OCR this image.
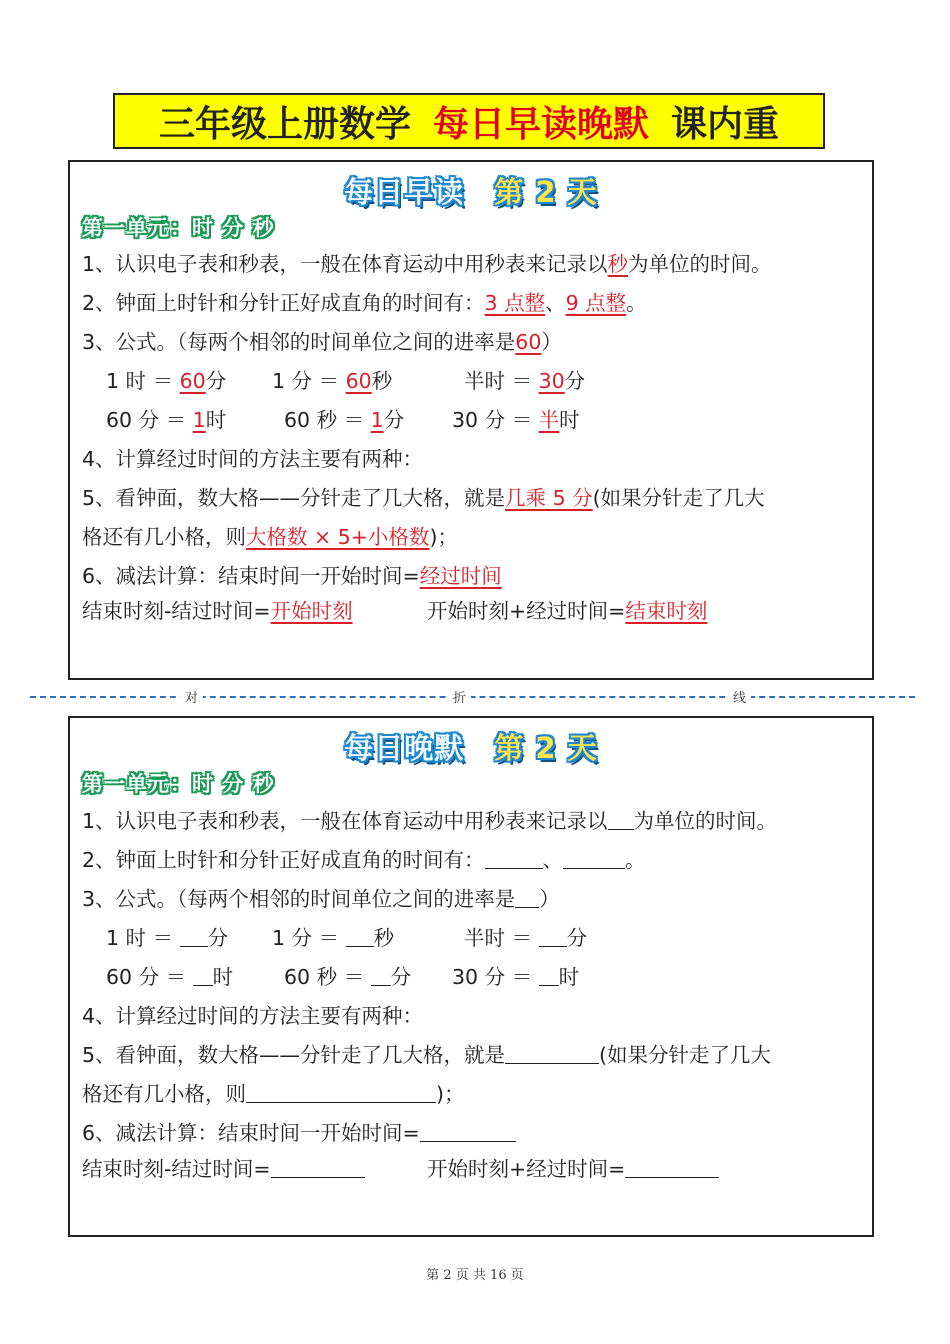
三年级上册数学 每日早读晚默 课内重
每日早读 第 2 天
第一单元：时 分 秒
1、认识电子表和秒表，一般在体育运动中用秒表来记录以秒为单位的时间。
2、钟面上时针和分针正好成直角的时间有：3 点整、9 点整。
3、公式。（每两个相邻的时间单位之间的进率是60）
1 时 ＝ 60分 1 分 ＝ 60秒	半时 ＝ 30分
60 分 ＝ 1时	60 秒 ＝ 1分 30 分 ＝ 半时
4、计算经过时间的方法主要有两种：
5、看钟面，数大格——分针走了几大格，就是几乘 5 分(如果分针走了几大
格还有几小格，则大格数 × 5+小格数)；
6、减法计算：结束时间一开始时间=经过时间
结束时刻-结过时间=开始时刻	开始时刻+经过时间=结束时刻
对	折	线
每日晚默 第 2 天
第一单元：时 分 秒
1、认识电子表和秒表，一般在体育运动中用秒表来记录以 为单位的时间。
2、钟面上时针和分针正好成直角的时间有：	、	。
3、公式。（每两个相邻的时间单位之间的进率是 ）
1 时 ＝ 分 1 分 ＝ 秒	半时 ＝ 分
60 分 ＝ 时 60 秒 ＝ 分 30 分 ＝ 时
4、计算经过时间的方法主要有两种：
5、看钟面，数大格——分针走了几大格，就是	(如果分针走了几大
格还有几小格，则	)；
6、减法计算：结束时间一开始时间=
结束时刻-结过时间=	开始时刻+经过时间=
第 2 页 共 16 页
